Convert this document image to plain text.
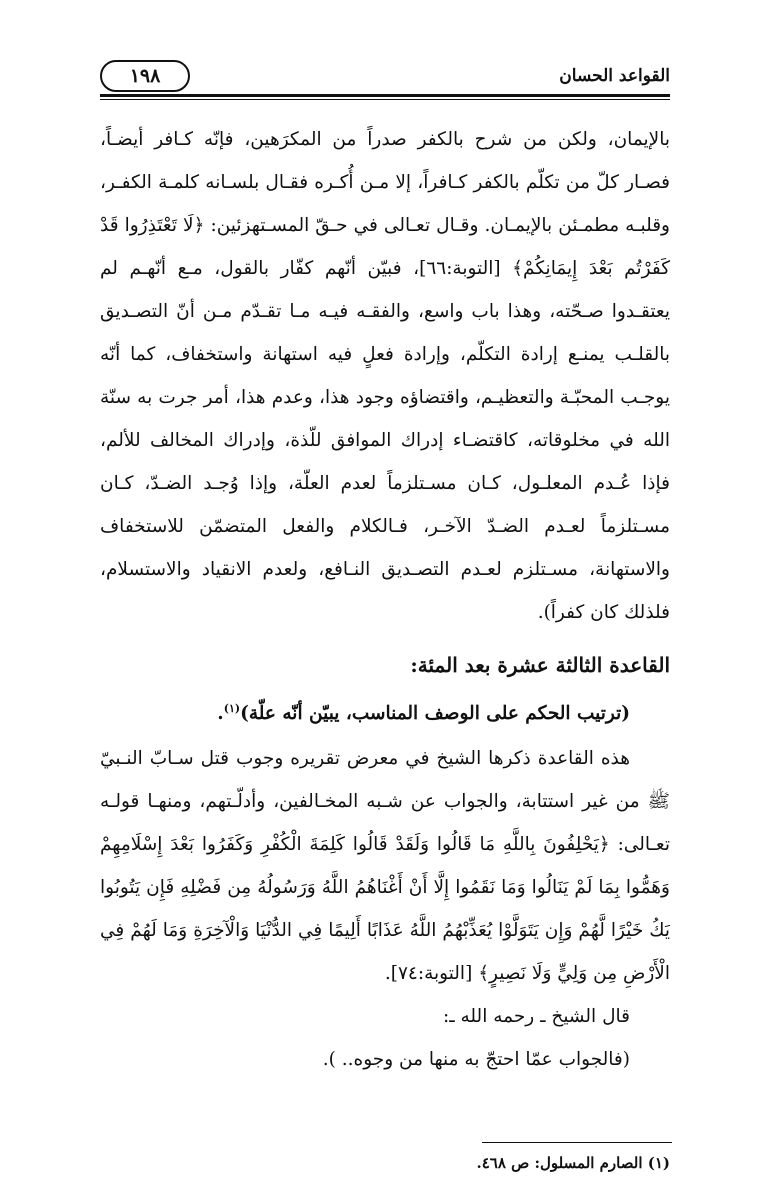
القواعد الحسان
١٩٨

بالإيمان، ولكن من شرح بالكفر صدراً من المكرَهين، فإنّه كـافر أيضـاً، فصـار كلّ من تكلّم بالكفر كـافراً، إلا مـن أُكـره فقـال بلسـانه كلمـة الكفـر، وقلبـه مطمـئن بالإيمـان. وقـال تعـالى في حـقّ المسـتهزئين: ﴿لَا تَعْتَذِرُوا قَدْ كَفَرْتُم بَعْدَ إِيمَانِكُمْ﴾ [التوبة:٦٦]، فبيّن أنّهم كفّار بالقول، مـع أنّهـم لم يعتقـدوا صـحّته، وهذا باب واسع، والفقـه فيـه مـا تقـدّم مـن أنّ التصـديق بالقلـب يمنـع إرادة التكلّم، وإرادة فعلٍ فيه استهانة واستخفاف، كما أنّه يوجـب المحبّـة والتعظيـم، واقتضاؤه وجود هذا، وعدم هذا، أمر جرت به سنّة الله في مخلوقاته، كاقتضـاء إدراك الموافق للّذة، وإدراك المخالف للألم، فإذا عُـدم المعلـول، كـان مسـتلزماً لعدم العلّة، وإذا وُجـد الضـدّ، كـان مسـتلزماً لعـدم الضـدّ الآخـر، فـالكلام والفعل المتضمّن للاستخفاف والاستهانة، مسـتلزم لعـدم التصـديق النـافع، ولعدم الانقياد والاستسلام، فلذلك كان كفراً).

القاعدة الثالثة عشرة بعد المئة:

(ترتيب الحكم على الوصف المناسب، يبيّن أنّه علّة)$^{(١)}$.

هذه القاعدة ذكرها الشيخ في معرض تقريره وجوب قتل سـابّ النـبيّ ﷺ من غير استتابة، والجواب عن شـبه المخـالفين، وأدلّـتهم، ومنهـا قولـه تعـالى: ﴿يَحْلِفُونَ بِاللَّهِ مَا قَالُوا وَلَقَدْ قَالُوا كَلِمَةَ الْكُفْرِ وَكَفَرُوا بَعْدَ إِسْلَامِهِمْ وَهَمُّوا بِمَا لَمْ يَنَالُوا وَمَا نَقَمُوا إِلَّا أَنْ أَغْنَاهُمُ اللَّهُ وَرَسُولُهُ مِن فَضْلِهِ فَإِن يَتُوبُوا يَكُ خَيْرًا لَّهُمْ وَإِن يَتَوَلَّوْا يُعَذِّبْهُمُ اللَّهُ عَذَابًا أَلِيمًا فِي الدُّنْيَا وَالْآخِرَةِ وَمَا لَهُمْ فِي الْأَرْضِ مِن وَلِيٍّ وَلَا نَصِيرٍ﴾ [التوبة:٧٤].

قال الشيخ ـ رحمه الله ـ:

(فالجواب عمّا احتجّ به منها من وجوه.. ).

(١) الصارم المسلول: ص ٤٦٨.
